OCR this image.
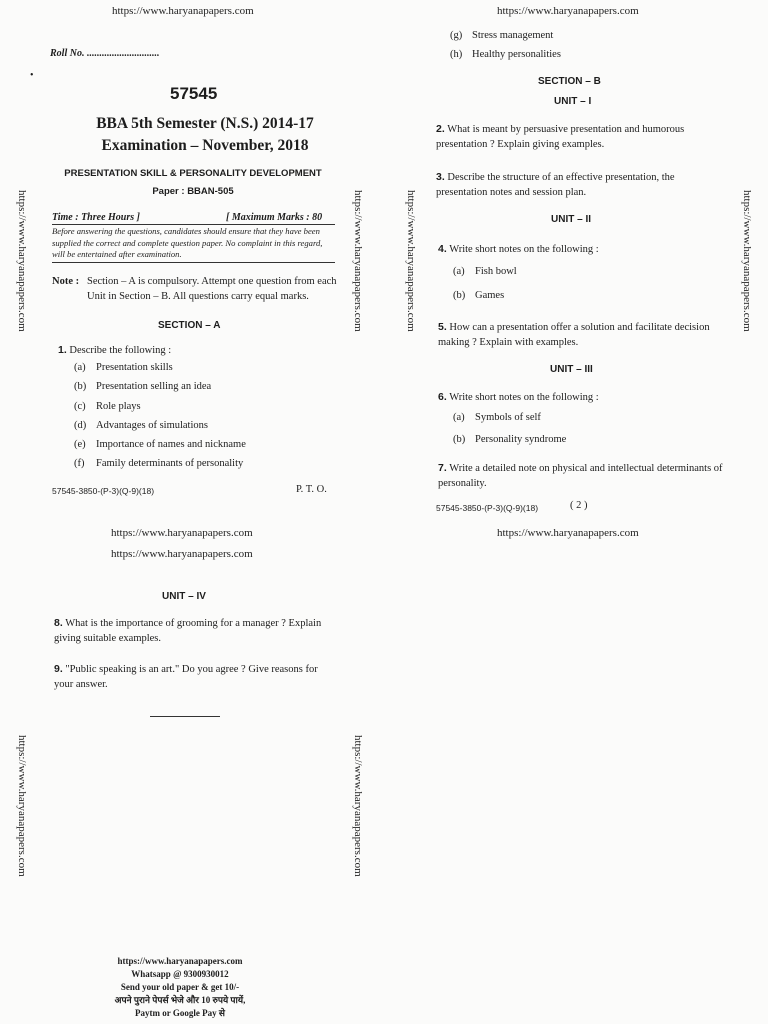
https://www.haryanapapers.com	https://www.haryanapapers.com
https://www.haryanapapers.com	https://www.haryanapapers.com	https://www.haryanapapers.com	https://www.haryanapapers.com
https://www.haryanapapers.com	https://www.haryanapapers.com
Roll No. .............................
•
57545
BBA 5th Semester (N.S.) 2014-17
Examination – November, 2018
PRESENTATION SKILL & PERSONALITY DEVELOPMENT
Paper : BBAN-505
Time : Three Hours ]	[ Maximum Marks : 80
Before answering the questions, candidates should ensure that they have been supplied the correct and complete question paper. No complaint in this regard, will be entertained after examination.
Note : Section – A is compulsory. Attempt one question from each Unit in Section – B. All questions carry equal marks.
SECTION – A
1. Describe the following :
(a) Presentation skills
(b) Presentation selling an idea
(c) Role plays
(d) Advantages of simulations
(e) Importance of names and nickname
(f) Family determinants of personality
57545-3850-(P-3)(Q-9)(18)	P. T. O.
(g) Stress management
(h) Healthy personalities
SECTION – B
UNIT – I
2. What is meant by persuasive presentation and humorous presentation ? Explain giving examples.
3. Describe the structure of an effective presentation, the presentation notes and session plan.
UNIT – II
4. Write short notes on the following :
(a) Fish bowl
(b) Games
5. How can a presentation offer a solution and facilitate decision making ? Explain with examples.
UNIT – III
6. Write short notes on the following :
(a) Symbols of self
(b) Personality syndrome
7. Write a detailed note on physical and intellectual determinants of personality.
57545-3850-(P-3)(Q-9)(18)	( 2 )
https://www.haryanapapers.com
https://www.haryanapapers.com
https://www.haryanapapers.com
UNIT – IV
8. What is the importance of grooming for a manager ? Explain giving suitable examples.
9. "Public speaking is an art." Do you agree ? Give reasons for your answer.
https://www.haryanapapers.com
Whatsapp @ 9300930012
Send your old paper & get 10/-
अपने पुराने पेपर्स भेजे और 10 रुपये पायें,
Paytm or Google Pay से
